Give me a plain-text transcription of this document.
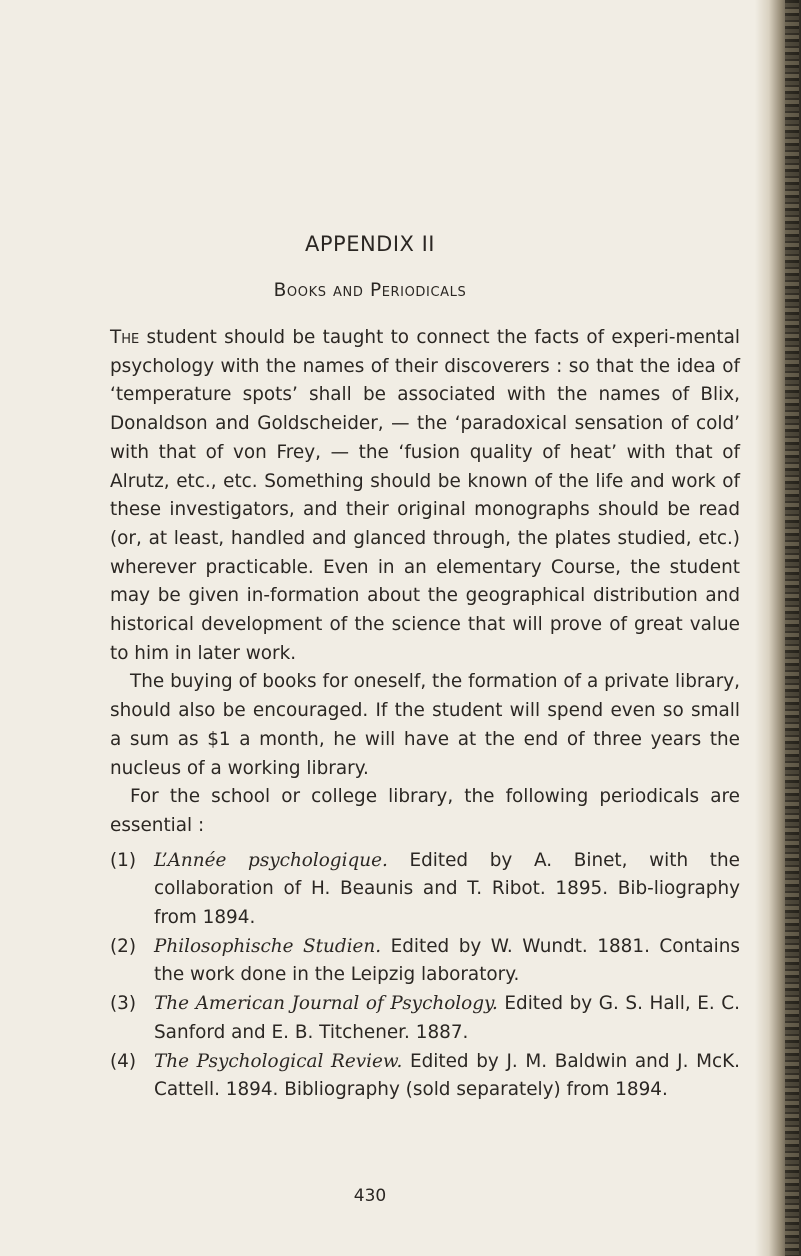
APPENDIX II
Books and Periodicals

The student should be taught to connect the facts of experi-mental psychology with the names of their discoverers : so that the idea of ‘temperature spots’ shall be associated with the names of Blix, Donaldson and Goldscheider, — the ‘paradoxical sensation of cold’ with that of von Frey, — the ‘fusion quality of heat’ with that of Alrutz, etc., etc. Something should be known of the life and work of these investigators, and their original monographs should be read (or, at least, handled and glanced through, the plates studied, etc.) wherever practicable. Even in an elementary Course, the student may be given in-formation about the geographical distribution and historical development of the science that will prove of great value to him in later work.

The buying of books for oneself, the formation of a private library, should also be encouraged. If the student will spend even so small a sum as $1 a month, he will have at the end of three years the nucleus of a working library.

For the school or college library, the following periodicals are essential :

(1) L’Année psychologique. Edited by A. Binet, with the collaboration of H. Beaunis and T. Ribot. 1895. Bib-liography from 1894.
(2) Philosophische Studien. Edited by W. Wundt. 1881. Contains the work done in the Leipzig laboratory.
(3) The American Journal of Psychology. Edited by G. S. Hall, E. C. Sanford and E. B. Titchener. 1887.
(4) The Psychological Review. Edited by J. M. Baldwin and J. McK. Cattell. 1894. Bibliography (sold separately) from 1894.
430
